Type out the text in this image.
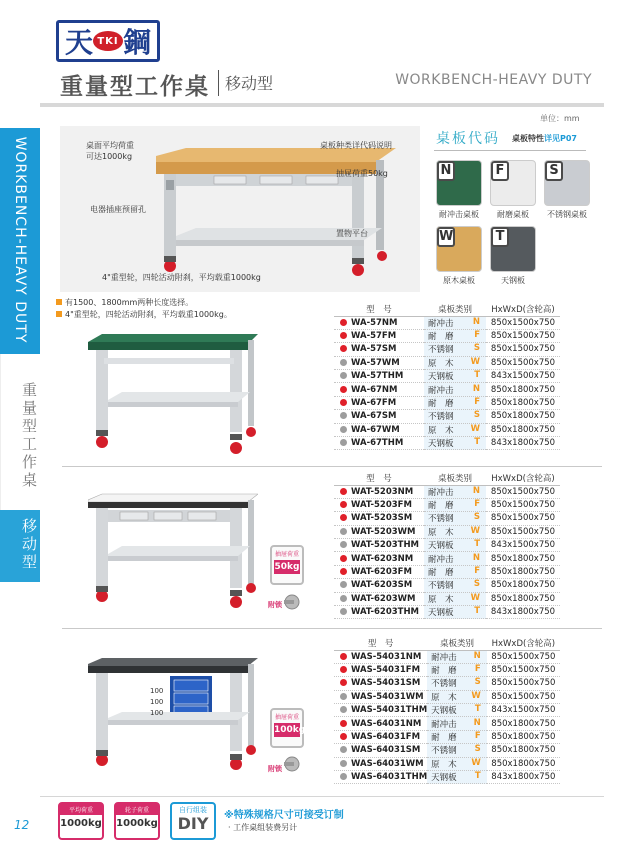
天 TKI 鋼
重量型工作桌 移动型	WORKBENCH-HEAVY DUTY
WORKBENCH-HEAVY DUTY
重量型工作桌
移动型
12
单位：mm
桌面平均荷重
可达1000kg
桌板种类详代码说明
抽屉荷重50kg
电器插座预留孔
置物平台
4"重型轮，四轮活动附刹，平均载重1000kg
桌板代码 桌板特性详见P07
N
耐冲击桌板
F
耐磨桌板
S
不锈钢桌板
W
原木桌板
T
天钢板
有1500、1800mm两种长度选择。
4"重型轮，四轮活动附刹，平均载重1000kg。	型　号	桌板类别	HxWxD(含轮高)
WA-57NM	耐冲击 N	850x1500x750
WA-57FM	耐　磨 F	850x1500x750
WA-57SM	不锈钢 S	850x1500x750
WA-57WM	原　木 W	850x1500x750
WA-57THM	天钢板 T	843x1500x750
WA-67NM	耐冲击 N	850x1800x750
WA-67FM	耐　磨 F	850x1800x750
WA-67SM	不锈钢 S	850x1800x750
WA-67WM	原　木 W	850x1800x750
WA-67THM	天钢板 T	843x1800x750
抽屉荷重
50kg
附锁
型　号	桌板类别	HxWxD(含轮高)
WAT-5203NM	耐冲击 N	850x1500x750
WAT-5203FM	耐　磨 F	850x1500x750
WAT-5203SM	不锈钢 S	850x1500x750
WAT-5203WM	原　木 W	850x1500x750
WAT-5203THM	天钢板 T	843x1500x750
WAT-6203NM	耐冲击 N	850x1800x750
WAT-6203FM	耐　磨 F	850x1800x750
WAT-6203SM	不锈钢 S	850x1800x750
WAT-6203WM	原　木 W	850x1800x750
WAT-6203THM	天钢板 T	843x1800x750
100
100
100
抽屉荷重
100kg
附锁
型　号	桌板类别	HxWxD(含轮高)
WAS-54031NM	耐冲击 N	850x1500x750
WAS-54031FM	耐　磨 F	850x1500x750
WAS-54031SM	不锈钢 S	850x1500x750
WAS-54031WM	原　木 W	850x1500x750
WAS-54031THM	天钢板 T	843x1500x750
WAS-64031NM	耐冲击 N	850x1800x750
WAS-64031FM	耐　磨 F	850x1800x750
WAS-64031SM	不锈钢 S	850x1800x750
WAS-64031WM	原　木 W	850x1800x750
WAS-64031THM	天钢板 T	843x1800x750
平均荷重
1000kg
轮子荷重
1000kg
自行组装
DIY	※特殊规格尺寸可接受订制
· 工作桌组装费另计
